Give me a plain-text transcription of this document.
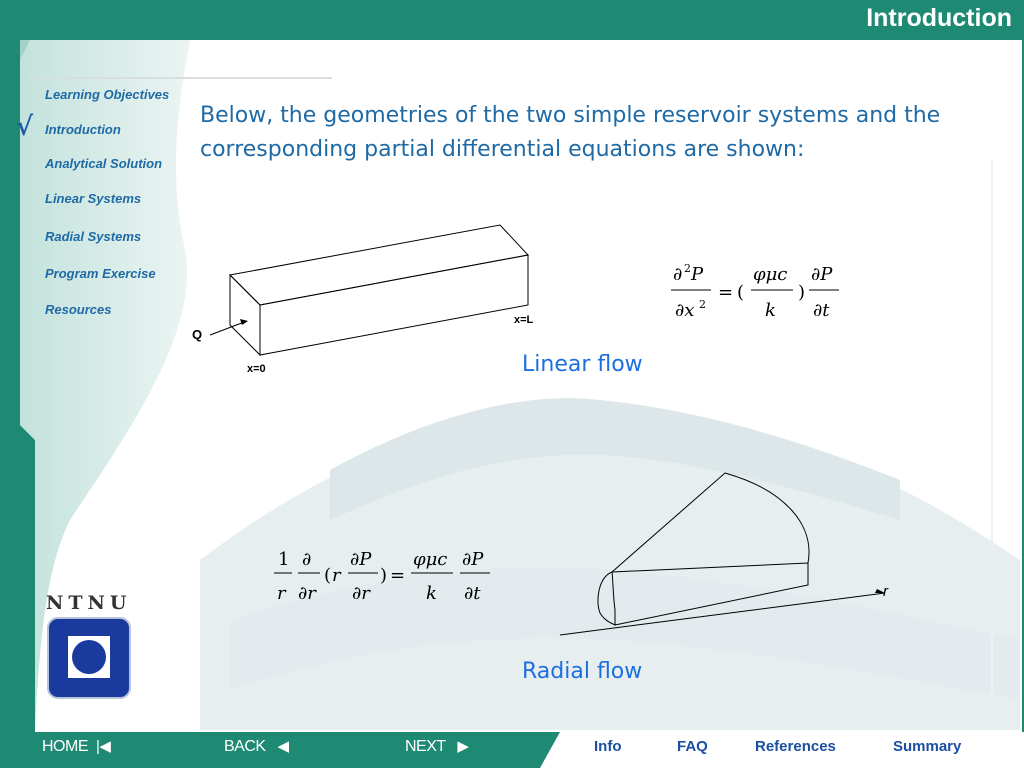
Introduction
√
Learning Objectives
Introduction
Analytical Solution
Linear Systems
Radial Systems
Program Exercise
Resources
Below, the geometries of the two simple reservoir systems and the corresponding partial differential equations are shown:
Q
x=0
x=L
∂ 2 P
∂x 2
= (
φμc
k
)
∂P
∂t
Linear flow
1
r
∂
∂r
( r
∂P
∂r
) =
φμc
k
∂P
∂t	r
Radial flow
NTNU
HOME |◀	BACK ◀	NEXT ▶	Info	FAQ	References	Summary
